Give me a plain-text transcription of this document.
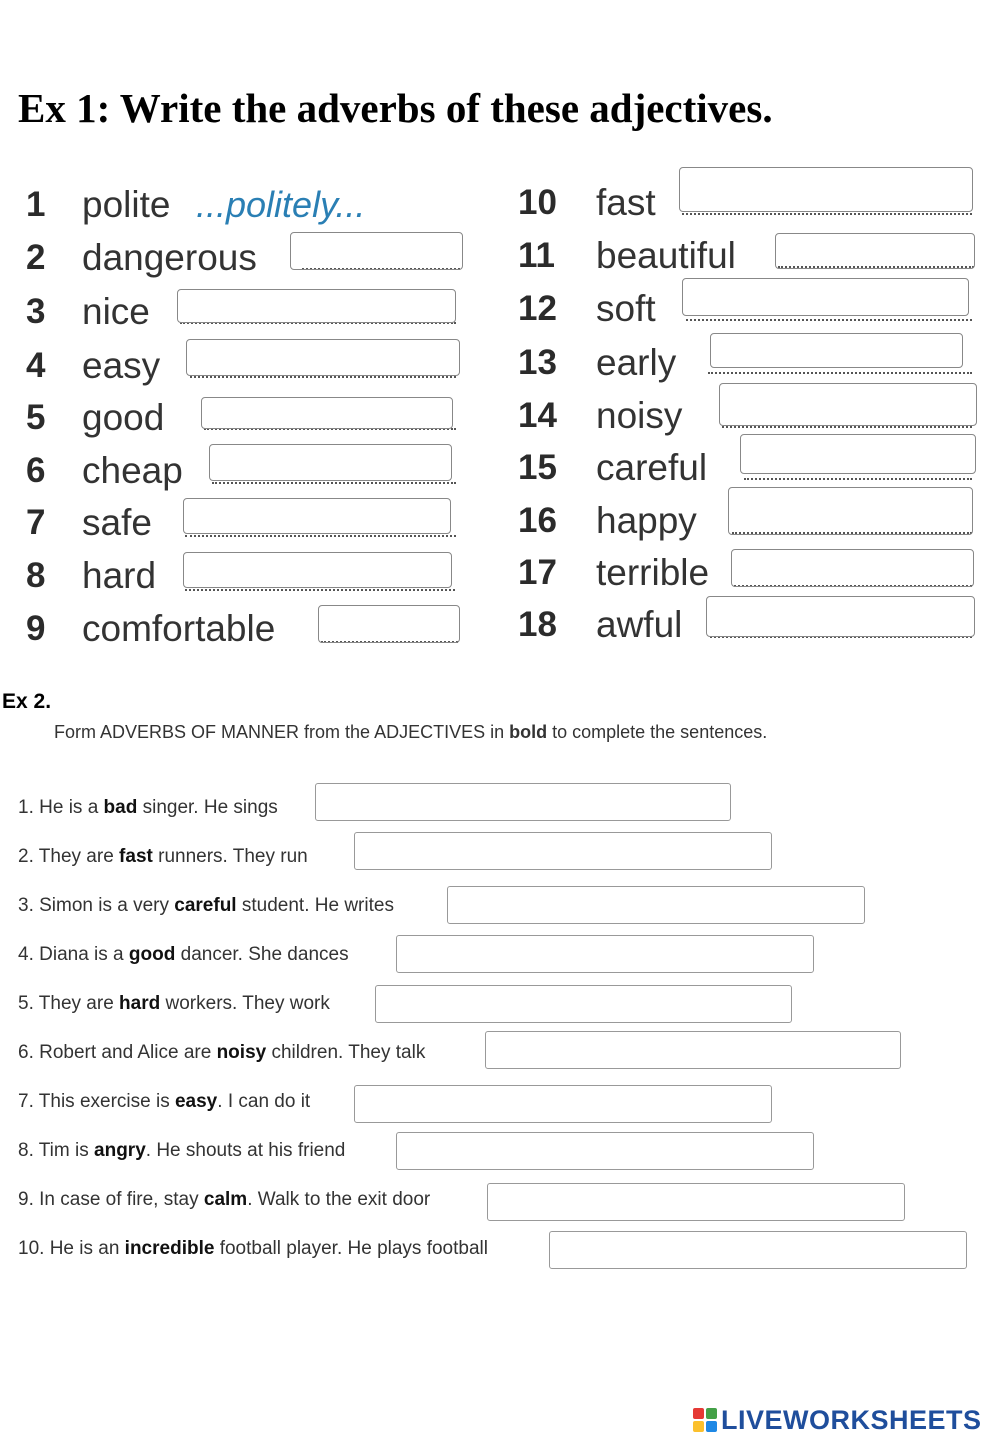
Ex 1: Write the adverbs of these adjectives.
1 polite ...politely...
2 dangerous
3 nice
4 easy
5 good
6 cheap
7 safe
8 hard
9 comfortable
10 fast
11 beautiful
12 soft
13 early
14 noisy
15 careful
16 happy
17 terrible
18 awful
Ex 2.
Form ADVERBS OF MANNER from the ADJECTIVES in bold to complete the sentences.
1. He is a bad singer. He sings
2. They are fast runners. They run
3. Simon is a very careful student. He writes
4. Diana is a good dancer. She dances
5. They are hard workers. They work
6. Robert and Alice are noisy children. They talk
7. This exercise is easy. I can do it
8. Tim is angry. He shouts at his friend
9. In case of fire, stay calm. Walk to the exit door
10. He is an incredible football player. He plays football
LIVEWORKSHEETS
